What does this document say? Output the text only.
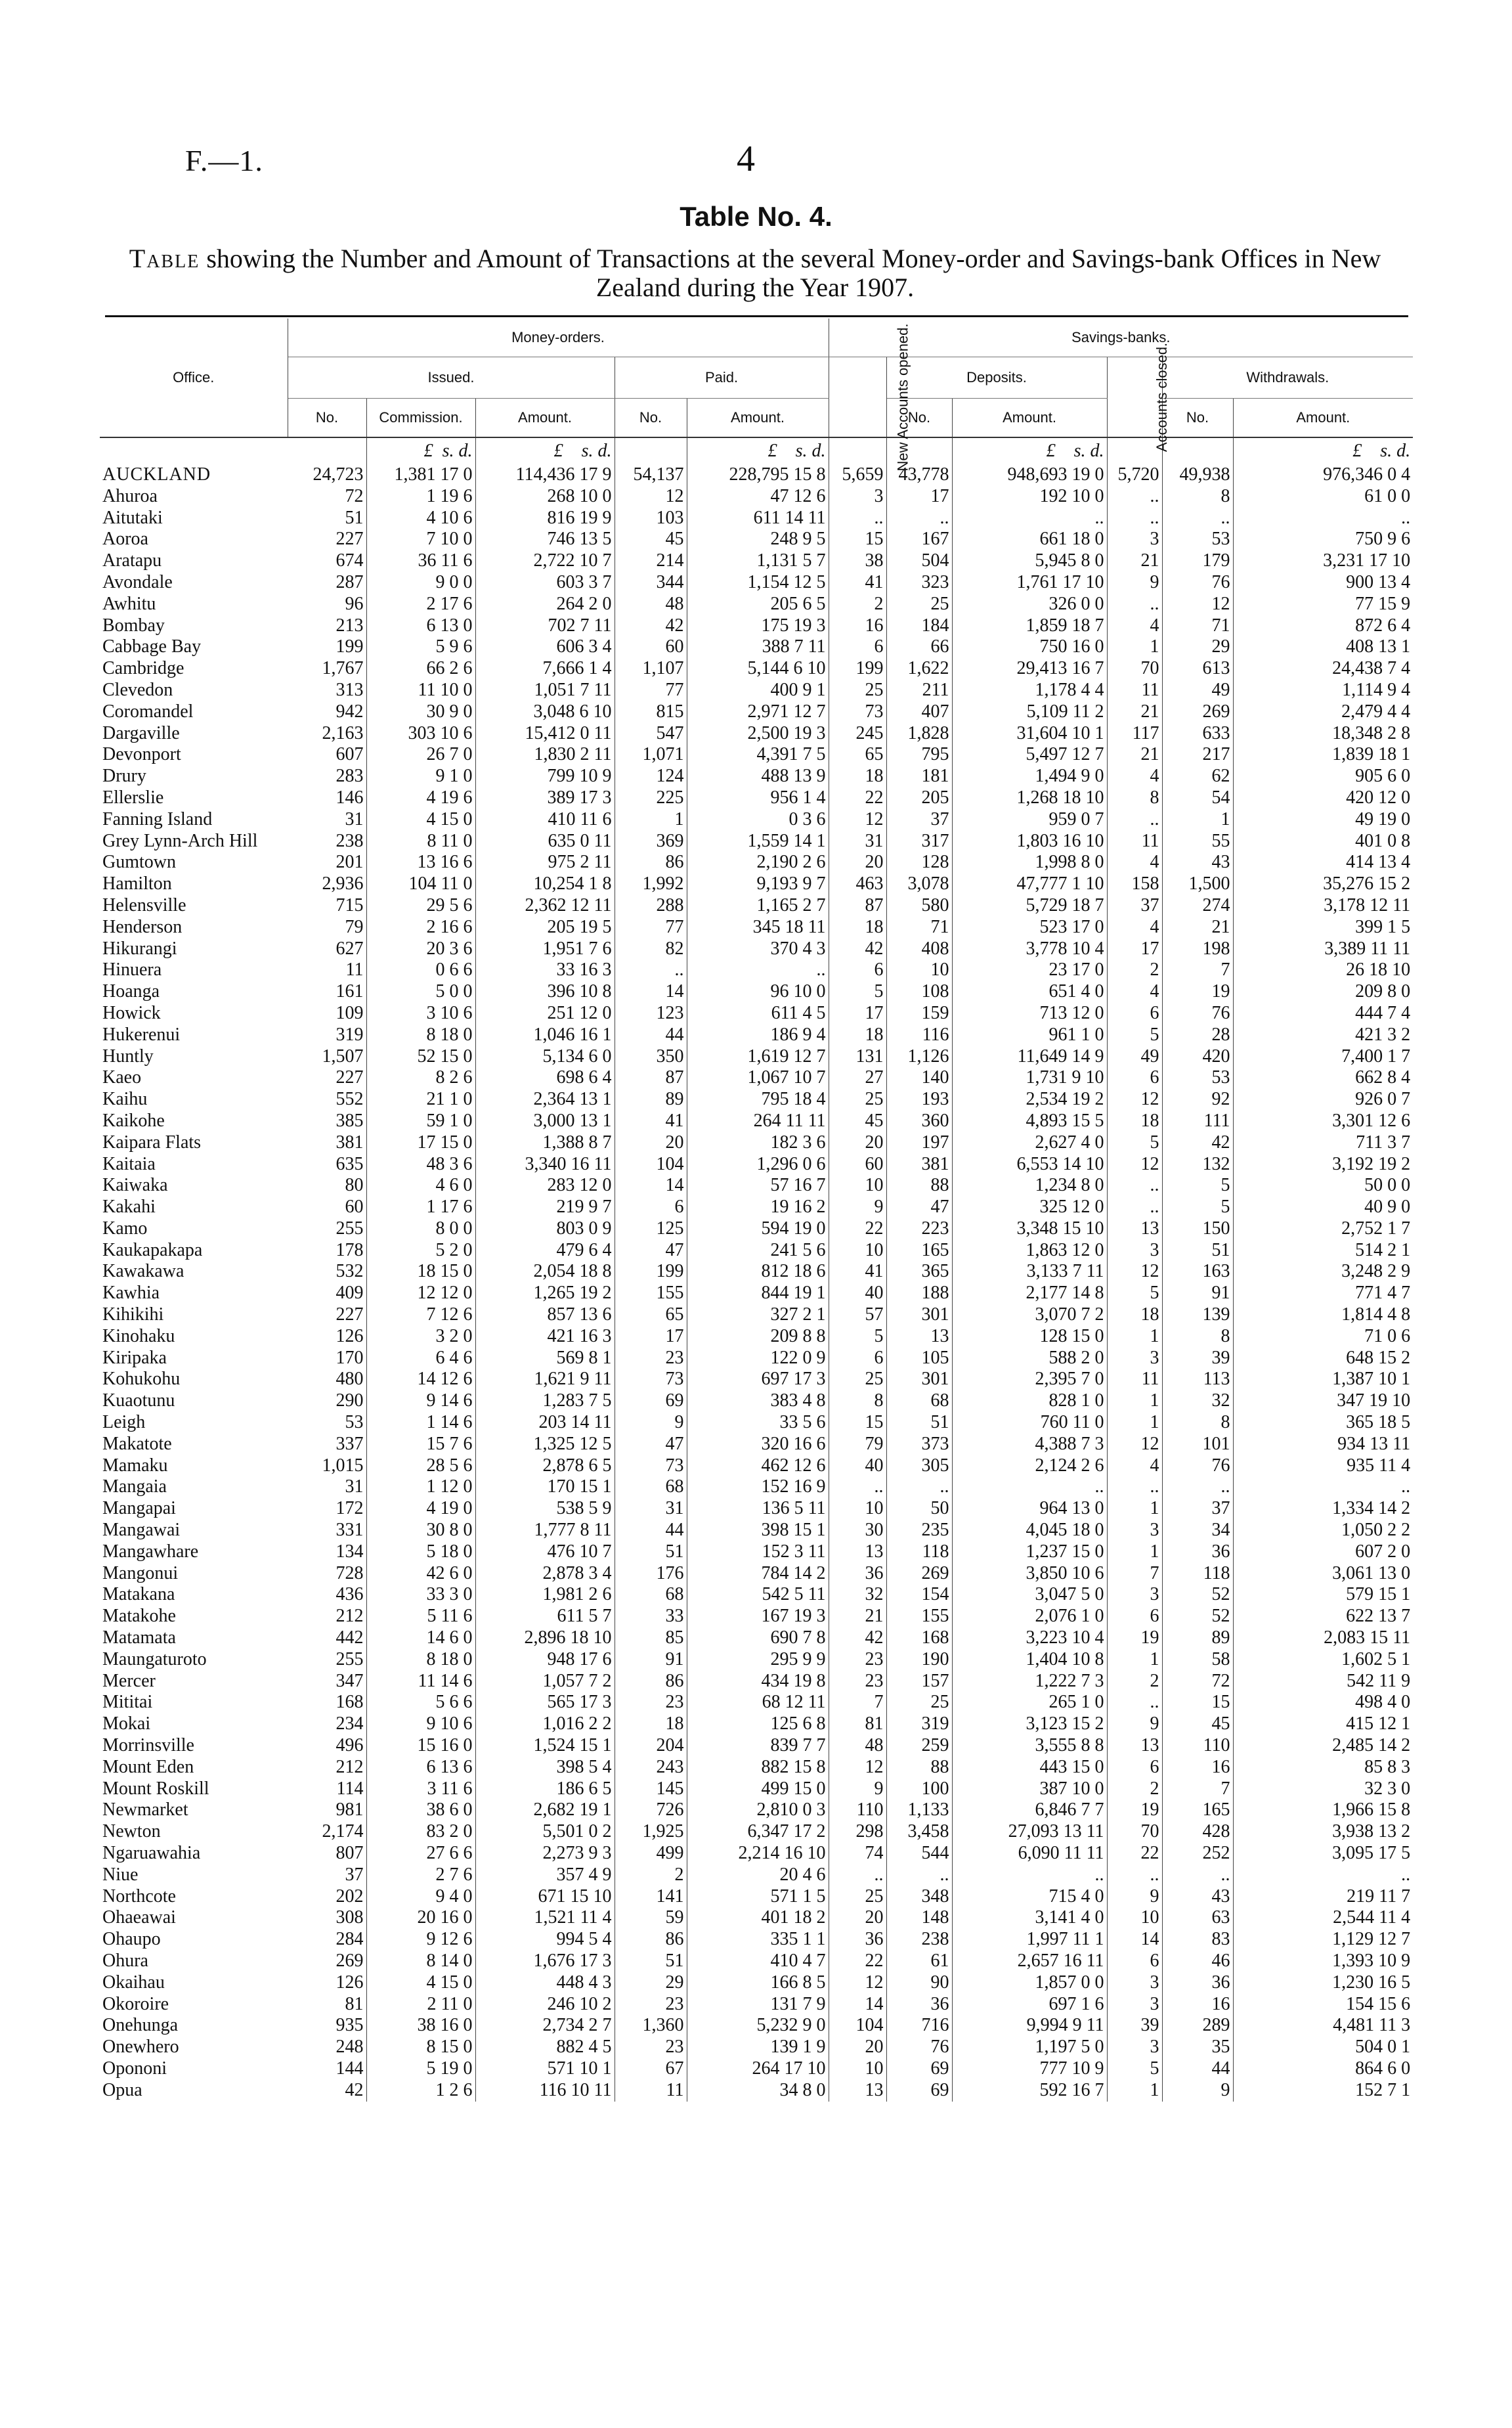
F.—1.	4
Table No. 4.
Table showing the Number and Amount of Transactions at the several Money-order and Savings-bank Offices in New Zealand during the Year 1907.
Office.	Money-orders.					Savings-banks.					
	Issued.			Paid.		New Accounts opened.	Deposits.		Accounts closed.	Withdrawals.	
	No.	Commission.	Amount.	No.	Amount.		No.	Amount.		No.	Amount.
		£ s. d.	£ s. d.		£ s. d.			£ s. d.			£ s. d.
AUCKLAND	24,723	1,381 17 0	114,436 17 9	54,137	228,795 15 8	5,659	43,778	948,693 19 0	5,720	49,938	976,346 0 4
Ahuroa	72	1 19 6	268 10 0	12	47 12 6	3	17	192 10 0	..	8	61 0 0
Aitutaki	51	4 10 6	816 19 9	103	611 14 11	..	..	..	..	..	..
Aoroa	227	7 10 0	746 13 5	45	248 9 5	15	167	661 18 0	3	53	750 9 6
Aratapu	674	36 11 6	2,722 10 7	214	1,131 5 7	38	504	5,945 8 0	21	179	3,231 17 10
Avondale	287	9 0 0	603 3 7	344	1,154 12 5	41	323	1,761 17 10	9	76	900 13 4
Awhitu	96	2 17 6	264 2 0	48	205 6 5	2	25	326 0 0	..	12	77 15 9
Bombay	213	6 13 0	702 7 11	42	175 19 3	16	184	1,859 18 7	4	71	872 6 4
Cabbage Bay	199	5 9 6	606 3 4	60	388 7 11	6	66	750 16 0	1	29	408 13 1
Cambridge	1,767	66 2 6	7,666 1 4	1,107	5,144 6 10	199	1,622	29,413 16 7	70	613	24,438 7 4
Clevedon	313	11 10 0	1,051 7 11	77	400 9 1	25	211	1,178 4 4	11	49	1,114 9 4
Coromandel	942	30 9 0	3,048 6 10	815	2,971 12 7	73	407	5,109 11 2	21	269	2,479 4 4
Dargaville	2,163	303 10 6	15,412 0 11	547	2,500 19 3	245	1,828	31,604 10 1	117	633	18,348 2 8
Devonport	607	26 7 0	1,830 2 11	1,071	4,391 7 5	65	795	5,497 12 7	21	217	1,839 18 1
Drury	283	9 1 0	799 10 9	124	488 13 9	18	181	1,494 9 0	4	62	905 6 0
Ellerslie	146	4 19 6	389 17 3	225	956 1 4	22	205	1,268 18 10	8	54	420 12 0
Fanning Island	31	4 15 0	410 11 6	1	0 3 6	12	37	959 0 7	..	1	49 19 0
Grey Lynn-Arch Hill	238	8 11 0	635 0 11	369	1,559 14 1	31	317	1,803 16 10	11	55	401 0 8
Gumtown	201	13 16 6	975 2 11	86	2,190 2 6	20	128	1,998 8 0	4	43	414 13 4
Hamilton	2,936	104 11 0	10,254 1 8	1,992	9,193 9 7	463	3,078	47,777 1 10	158	1,500	35,276 15 2
Helensville	715	29 5 6	2,362 12 11	288	1,165 2 7	87	580	5,729 18 7	37	274	3,178 12 11
Henderson	79	2 16 6	205 19 5	77	345 18 11	18	71	523 17 0	4	21	399 1 5
Hikurangi	627	20 3 6	1,951 7 6	82	370 4 3	42	408	3,778 10 4	17	198	3,389 11 11
Hinuera	11	0 6 6	33 16 3	..	..	6	10	23 17 0	2	7	26 18 10
Hoanga	161	5 0 0	396 10 8	14	96 10 0	5	108	651 4 0	4	19	209 8 0
Howick	109	3 10 6	251 12 0	123	611 4 5	17	159	713 12 0	6	76	444 7 4
Hukerenui	319	8 18 0	1,046 16 1	44	186 9 4	18	116	961 1 0	5	28	421 3 2
Huntly	1,507	52 15 0	5,134 6 0	350	1,619 12 7	131	1,126	11,649 14 9	49	420	7,400 1 7
Kaeo	227	8 2 6	698 6 4	87	1,067 10 7	27	140	1,731 9 10	6	53	662 8 4
Kaihu	552	21 1 0	2,364 13 1	89	795 18 4	25	193	2,534 19 2	12	92	926 0 7
Kaikohe	385	59 1 0	3,000 13 1	41	264 11 11	45	360	4,893 15 5	18	111	3,301 12 6
Kaipara Flats	381	17 15 0	1,388 8 7	20	182 3 6	20	197	2,627 4 0	5	42	711 3 7
Kaitaia	635	48 3 6	3,340 16 11	104	1,296 0 6	60	381	6,553 14 10	12	132	3,192 19 2
Kaiwaka	80	4 6 0	283 12 0	14	57 16 7	10	88	1,234 8 0	..	5	50 0 0
Kakahi	60	1 17 6	219 9 7	6	19 16 2	9	47	325 12 0	..	5	40 9 0
Kamo	255	8 0 0	803 0 9	125	594 19 0	22	223	3,348 15 10	13	150	2,752 1 7
Kaukapakapa	178	5 2 0	479 6 4	47	241 5 6	10	165	1,863 12 0	3	51	514 2 1
Kawakawa	532	18 15 0	2,054 18 8	199	812 18 6	41	365	3,133 7 11	12	163	3,248 2 9
Kawhia	409	12 12 0	1,265 19 2	155	844 19 1	40	188	2,177 14 8	5	91	771 4 7
Kihikihi	227	7 12 6	857 13 6	65	327 2 1	57	301	3,070 7 2	18	139	1,814 4 8
Kinohaku	126	3 2 0	421 16 3	17	209 8 8	5	13	128 15 0	1	8	71 0 6
Kiripaka	170	6 4 6	569 8 1	23	122 0 9	6	105	588 2 0	3	39	648 15 2
Kohukohu	480	14 12 6	1,621 9 11	73	697 17 3	25	301	2,395 7 0	11	113	1,387 10 1
Kuaotunu	290	9 14 6	1,283 7 5	69	383 4 8	8	68	828 1 0	1	32	347 19 10
Leigh	53	1 14 6	203 14 11	9	33 5 6	15	51	760 11 0	1	8	365 18 5
Makatote	337	15 7 6	1,325 12 5	47	320 16 6	79	373	4,388 7 3	12	101	934 13 11
Mamaku	1,015	28 5 6	2,878 6 5	73	462 12 6	40	305	2,124 2 6	4	76	935 11 4
Mangaia	31	1 12 0	170 15 1	68	152 16 9	..	..	..	..	..	..
Mangapai	172	4 19 0	538 5 9	31	136 5 11	10	50	964 13 0	1	37	1,334 14 2
Mangawai	331	30 8 0	1,777 8 11	44	398 15 1	30	235	4,045 18 0	3	34	1,050 2 2
Mangawhare	134	5 18 0	476 10 7	51	152 3 11	13	118	1,237 15 0	1	36	607 2 0
Mangonui	728	42 6 0	2,878 3 4	176	784 14 2	36	269	3,850 10 6	7	118	3,061 13 0
Matakana	436	33 3 0	1,981 2 6	68	542 5 11	32	154	3,047 5 0	3	52	579 15 1
Matakohe	212	5 11 6	611 5 7	33	167 19 3	21	155	2,076 1 0	6	52	622 13 7
Matamata	442	14 6 0	2,896 18 10	85	690 7 8	42	168	3,223 10 4	19	89	2,083 15 11
Maungaturoto	255	8 18 0	948 17 6	91	295 9 9	23	190	1,404 10 8	1	58	1,602 5 1
Mercer	347	11 14 6	1,057 7 2	86	434 19 8	23	157	1,222 7 3	2	72	542 11 9
Mititai	168	5 6 6	565 17 3	23	68 12 11	7	25	265 1 0	..	15	498 4 0
Mokai	234	9 10 6	1,016 2 2	18	125 6 8	81	319	3,123 15 2	9	45	415 12 1
Morrinsville	496	15 16 0	1,524 15 1	204	839 7 7	48	259	3,555 8 8	13	110	2,485 14 2
Mount Eden	212	6 13 6	398 5 4	243	882 15 8	12	88	443 15 0	6	16	85 8 3
Mount Roskill	114	3 11 6	186 6 5	145	499 15 0	9	100	387 10 0	2	7	32 3 0
Newmarket	981	38 6 0	2,682 19 1	726	2,810 0 3	110	1,133	6,846 7 7	19	165	1,966 15 8
Newton	2,174	83 2 0	5,501 0 2	1,925	6,347 17 2	298	3,458	27,093 13 11	70	428	3,938 13 2
Ngaruawahia	807	27 6 6	2,273 9 3	499	2,214 16 10	74	544	6,090 11 11	22	252	3,095 17 5
Niue	37	2 7 6	357 4 9	2	20 4 6	..	..	..	..	..	..
Northcote	202	9 4 0	671 15 10	141	571 1 5	25	348	715 4 0	9	43	219 11 7
Ohaeawai	308	20 16 0	1,521 11 4	59	401 18 2	20	148	3,141 4 0	10	63	2,544 11 4
Ohaupo	284	9 12 6	994 5 4	86	335 1 1	36	238	1,997 11 1	14	83	1,129 12 7
Ohura	269	8 14 0	1,676 17 3	51	410 4 7	22	61	2,657 16 11	6	46	1,393 10 9
Okaihau	126	4 15 0	448 4 3	29	166 8 5	12	90	1,857 0 0	3	36	1,230 16 5
Okoroire	81	2 11 0	246 10 2	23	131 7 9	14	36	697 1 6	3	16	154 15 6
Onehunga	935	38 16 0	2,734 2 7	1,360	5,232 9 0	104	716	9,994 9 11	39	289	4,481 11 3
Onewhero	248	8 15 0	882 4 5	23	139 1 9	20	76	1,197 5 0	3	35	504 0 1
Opononi	144	5 19 0	571 10 1	67	264 17 10	10	69	777 10 9	5	44	864 6 0
Opua	42	1 2 6	116 10 11	11	34 8 0	13	69	592 16 7	1	9	152 7 1
